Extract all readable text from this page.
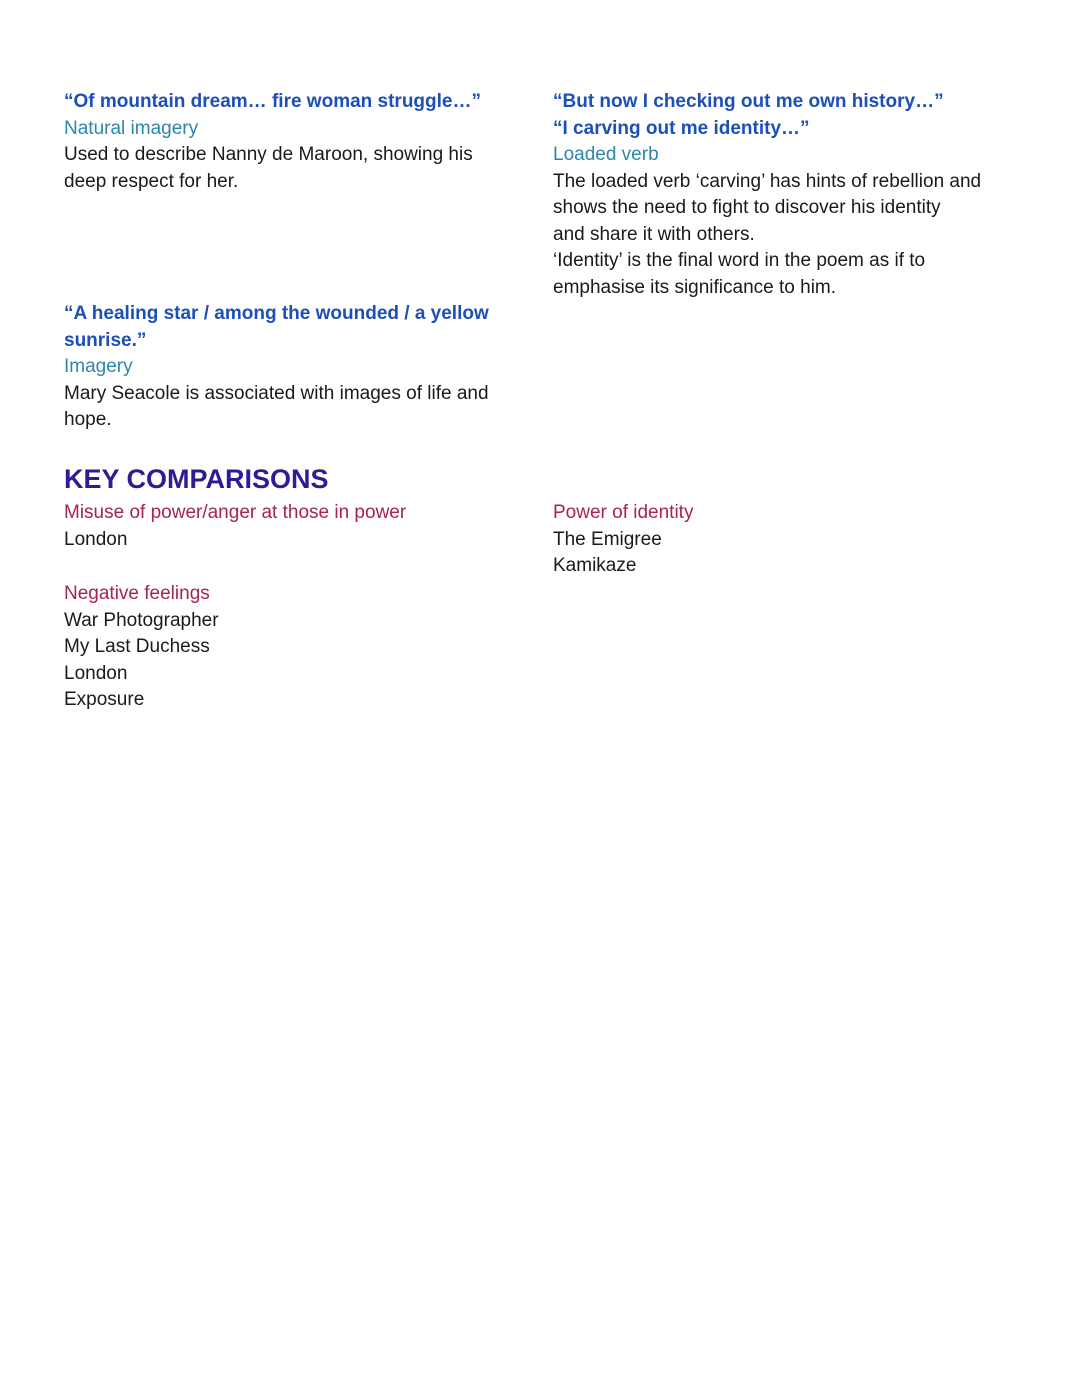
“Of mountain dream… fire woman struggle…”
Natural imagery
Used to describe Nanny de Maroon, showing his
deep respect for her.
“But now I checking out me own history…”
“I carving out me identity…”
Loaded verb
The loaded verb ‘carving’ has hints of rebellion and
shows the need to fight to discover his identity
and share it with others.
‘Identity’ is the final word in the poem as if to
emphasise its significance to him.
“A healing star / among the wounded / a yellow
sunrise.”
Imagery
Mary Seacole is associated with images of life and
hope.
KEY COMPARISONS
Misuse of power/anger at those in power
London
Power of identity
The Emigree
Kamikaze
Negative feelings
War Photographer
My Last Duchess
London
Exposure
